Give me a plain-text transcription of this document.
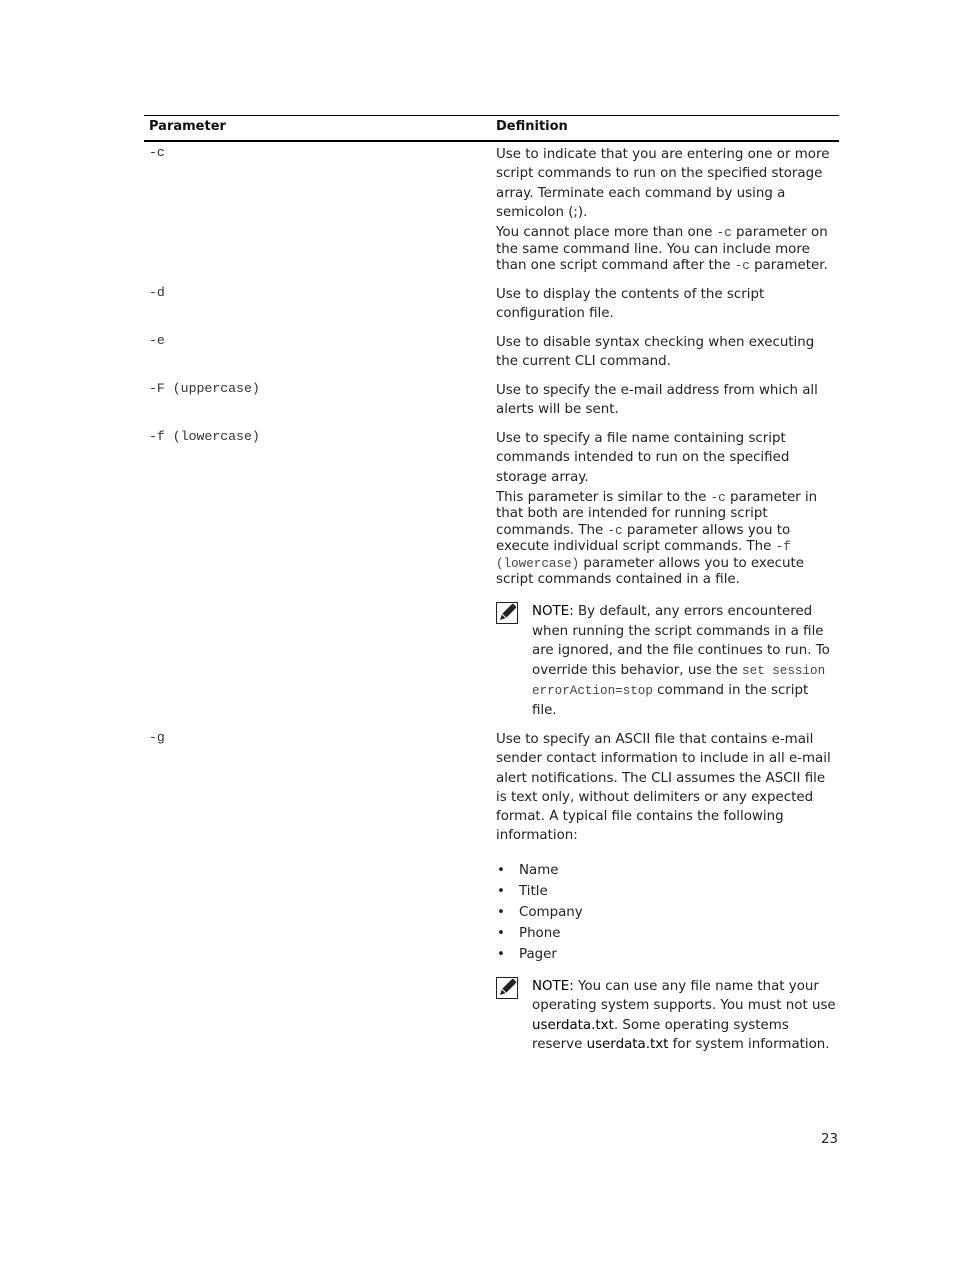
Parameter	Definition
-c	Use to indicate that you are entering one or more script commands to run on the specified storage array. Terminate each command by using a semicolon (;).

You cannot place more than one -c parameter on the same command line. You can include more than one script command after the -c parameter.

-d	Use to display the contents of the script configuration file.

-e	Use to disable syntax checking when executing the current CLI command.

-F (uppercase)	Use to specify the e-mail address from which all alerts will be sent.

-f (lowercase)	Use to specify a file name containing script commands intended to run on the specified storage array.

This parameter is similar to the -c parameter in that both are intended for running script commands. The -c parameter allows you to execute individual script commands. The -f (lowercase) parameter allows you to execute script commands contained in a file.

NOTE: By default, any errors encountered when running the script commands in a file are ignored, and the file continues to run. To override this behavior, use the set session errorAction=stop command in the script file.

-g	Use to specify an ASCII file that contains e-mail sender contact information to include in all e-mail alert notifications. The CLI assumes the ASCII file is text only, without delimiters or any expected format. A typical file contains the following information:

• Name
• Title
• Company
• Phone
• Pager

NOTE: You can use any file name that your operating system supports. You must not use userdata.txt. Some operating systems reserve userdata.txt for system information.

23
